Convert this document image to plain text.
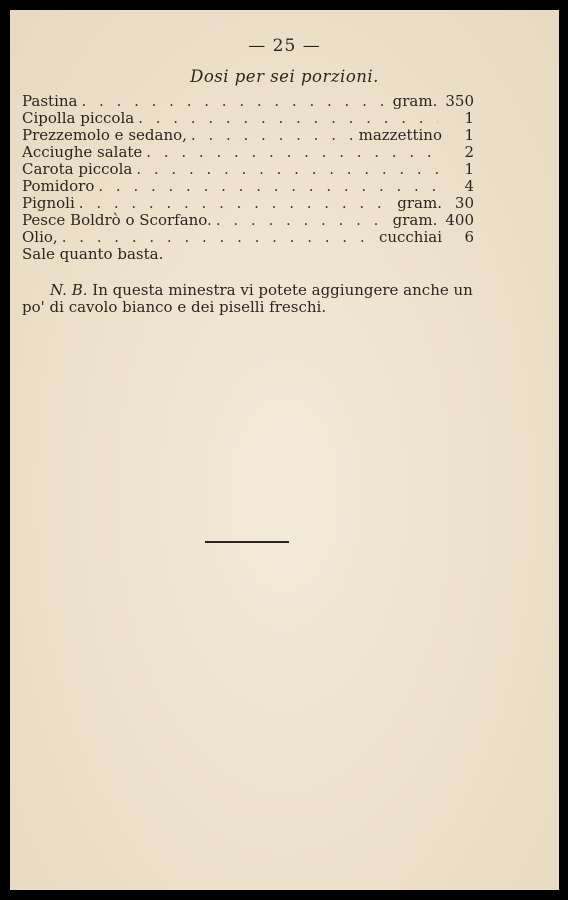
— 25 —
Dosi per sei porzioni.
Pastina . . .	gram. 350
Cipolla piccola . . .	1
Prezzemolo e sedano, . . .	mazzettino	1
Acciughe salate . . .	2
Carota piccola . . .	1
Pomidoro . . .	4
Pignoli . . .	gram. 30
Pesce Boldrò o Scorfano. . . .	gram. 400
Olio, . . .	cucchiai	6
Sale quanto basta.
N. B. In questa minestra vi potete aggiungere anche un po' di cavolo bianco e dei piselli freschi.
